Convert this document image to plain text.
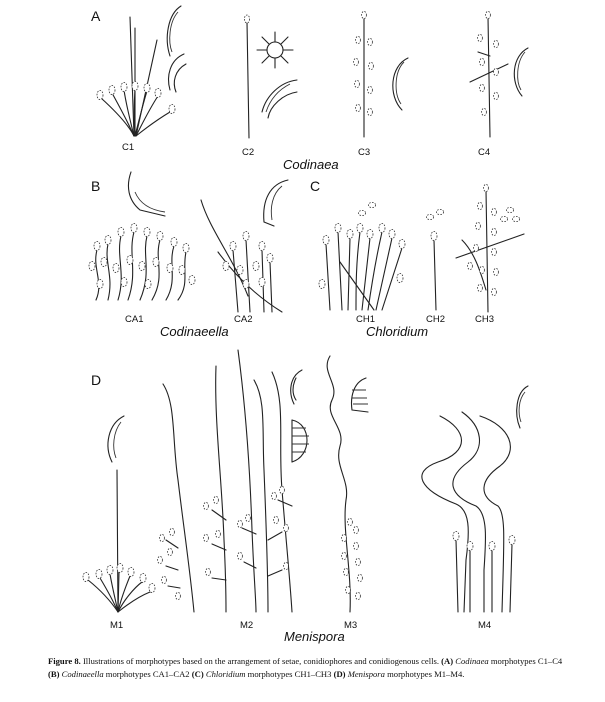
A
C1	C2	C3	C4
Codinaea
B
CA1	CA2
Codinaeella
C
CH1	CH2	CH3
Chloridium
D
M1	M2	M3	M4
Menispora
Figure 8. Illustrations of morphotypes based on the arrangement of setae, conidiophores and conidiogenous cells. (A) Codinaea morphotypes C1–C4 (B) Codinaeella morphotypes CA1–CA2 (C) Chloridium morphotypes CH1–CH3 (D) Menispora morphotypes M1–M4.
